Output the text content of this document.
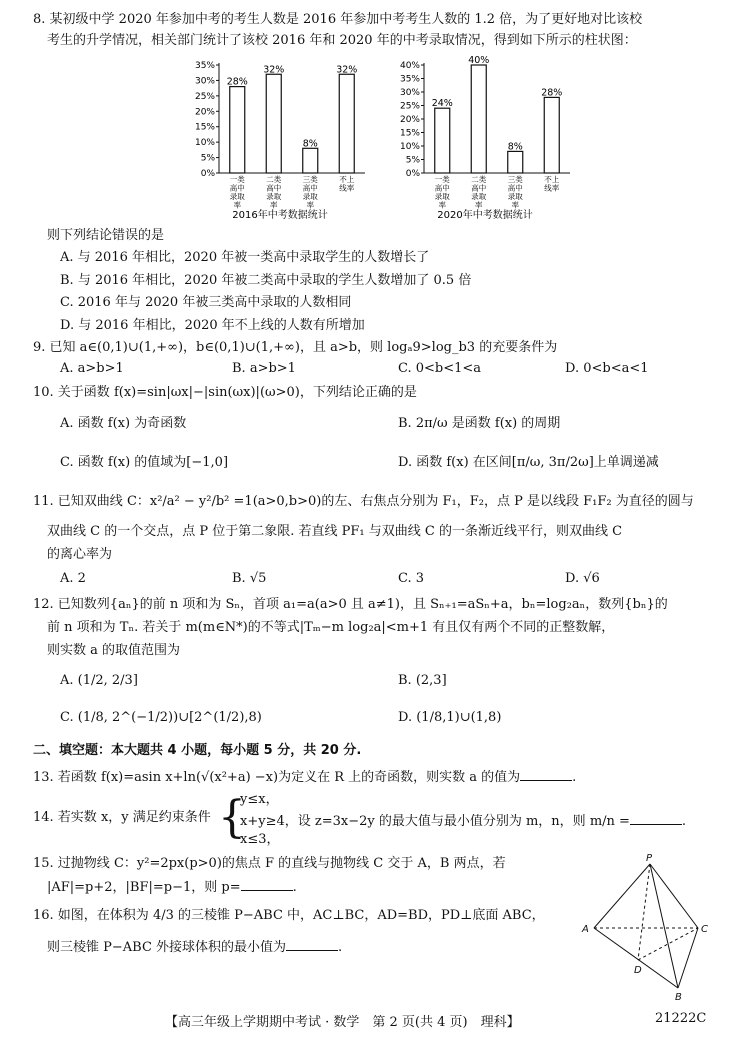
8. 某初级中学 2020 年参加中考的考生人数是 2016 年参加中考考生人数的 1.2 倍，为了更好地对比该校
考生的升学情况，相关部门统计了该校 2016 年和 2020 年的中考录取情况，得到如下所示的柱状图：
0%
5%
10%
15%
20%
25%
30%
35%
28%
一类高中录取率
32%
二类高中录取率
8%
三类高中录取率
32%
不上线率
2016年中考数据统计
0%
5%
10%
15%
20%
25%
30%
35%
40%
24%
一类高中录取率
40%
二类高中录取率
8%
三类高中录取率
28%
不上线率
2020年中考数据统计
则下列结论错误的是
A. 与 2016 年相比，2020 年被一类高中录取学生的人数增长了
B. 与 2016 年相比，2020 年被二类高中录取的学生人数增加了 0.5 倍
C. 2016 年与 2020 年被三类高中录取的人数相同
D. 与 2016 年相比，2020 年不上线的人数有所增加
9. 已知 a∈(0,1)∪(1,+∞)，b∈(0,1)∪(1,+∞)，且 a>b，则 logₐ9>log_b3 的充要条件为
A. a>b>1	B. a>b>1	C. 0<b<1<a	D. 0<b<a<1
10. 关于函数 f(x)=sin|ωx|−|sin(ωx)|(ω>0)，下列结论正确的是
A. 函数 f(x) 为奇函数	B. 2π/ω 是函数 f(x) 的周期
C. 函数 f(x) 的值域为[−1,0]	D. 函数 f(x) 在区间[π/ω, 3π/2ω]上单调递减
11. 已知双曲线 C：x²/a² − y²/b² =1(a>0,b>0)的左、右焦点分别为 F₁，F₂，点 P 是以线段 F₁F₂ 为直径的圆与
双曲线 C 的一个交点，点 P 位于第二象限. 若直线 PF₁ 与双曲线 C 的一条渐近线平行，则双曲线 C
的离心率为
A. 2	B. √5	C. 3	D. √6
12. 已知数列{aₙ}的前 n 项和为 Sₙ，首项 a₁=a(a>0 且 a≠1)，且 Sₙ₊₁=aSₙ+a，bₙ=log₂aₙ，数列{bₙ}的
前 n 项和为 Tₙ. 若关于 m(m∈N*)的不等式|Tₘ−m log₂a|<m+1 有且仅有两个不同的正整数解，
则实数 a 的取值范围为
A. (1/2, 2/3]	B. (2,3]
C. (1/8, 2^(−1/2))∪[2^(1/2),8)	D. (1/8,1)∪(1,8)
二、填空题：本大题共 4 小题，每小题 5 分，共 20 分.
13. 若函数 f(x)=asin x+ln(√(x²+a) −x)为定义在 R 上的奇函数，则实数 a 的值为	.
14. 若实数 x，y 满足约束条件 {
y≤x，
x+y≥4，设 z=3x−2y 的最大值与最小值分别为 m，n，则 m/n =	.
x≤3，
15. 过抛物线 C：y²=2px(p>0)的焦点 F 的直线与抛物线 C 交于 A，B 两点，若
|AF|=p+2，|BF|=p−1，则 p=	.
16. 如图，在体积为 4/3 的三棱锥 P−ABC 中，AC⊥BC，AD=BD，PD⊥底面 ABC，
则三棱锥 P−ABC 外接球体积的最小值为	.
P
A	C
D
B
【高三年级上学期期中考试 · 数学　第 2 页(共 4 页)　理科】	21222C
